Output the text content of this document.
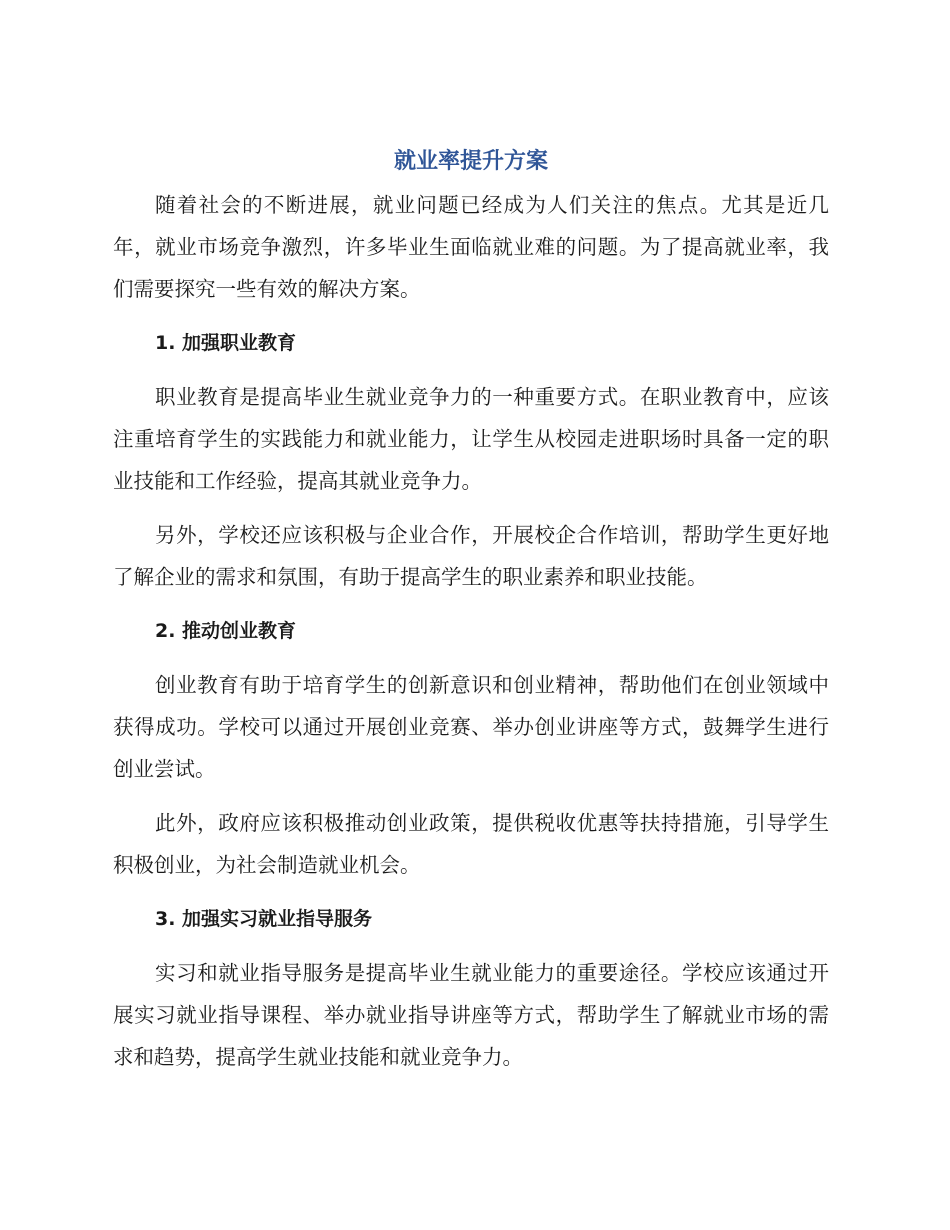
就业率提升方案

随着社会的不断进展，就业问题已经成为人们关注的焦点。尤其是近几年，就业市场竞争激烈，许多毕业生面临就业难的问题。为了提高就业率，我们需要探究一些有效的解决方案。

1. 加强职业教育

职业教育是提高毕业生就业竞争力的一种重要方式。在职业教育中，应该注重培育学生的实践能力和就业能力，让学生从校园走进职场时具备一定的职业技能和工作经验，提高其就业竞争力。

另外，学校还应该积极与企业合作，开展校企合作培训，帮助学生更好地了解企业的需求和氛围，有助于提高学生的职业素养和职业技能。

2. 推动创业教育

创业教育有助于培育学生的创新意识和创业精神，帮助他们在创业领域中获得成功。学校可以通过开展创业竞赛、举办创业讲座等方式，鼓舞学生进行创业尝试。

此外，政府应该积极推动创业政策，提供税收优惠等扶持措施，引导学生积极创业，为社会制造就业机会。

3. 加强实习就业指导服务

实习和就业指导服务是提高毕业生就业能力的重要途径。学校应该通过开展实习就业指导课程、举办就业指导讲座等方式，帮助学生了解就业市场的需求和趋势，提高学生就业技能和就业竞争力。
